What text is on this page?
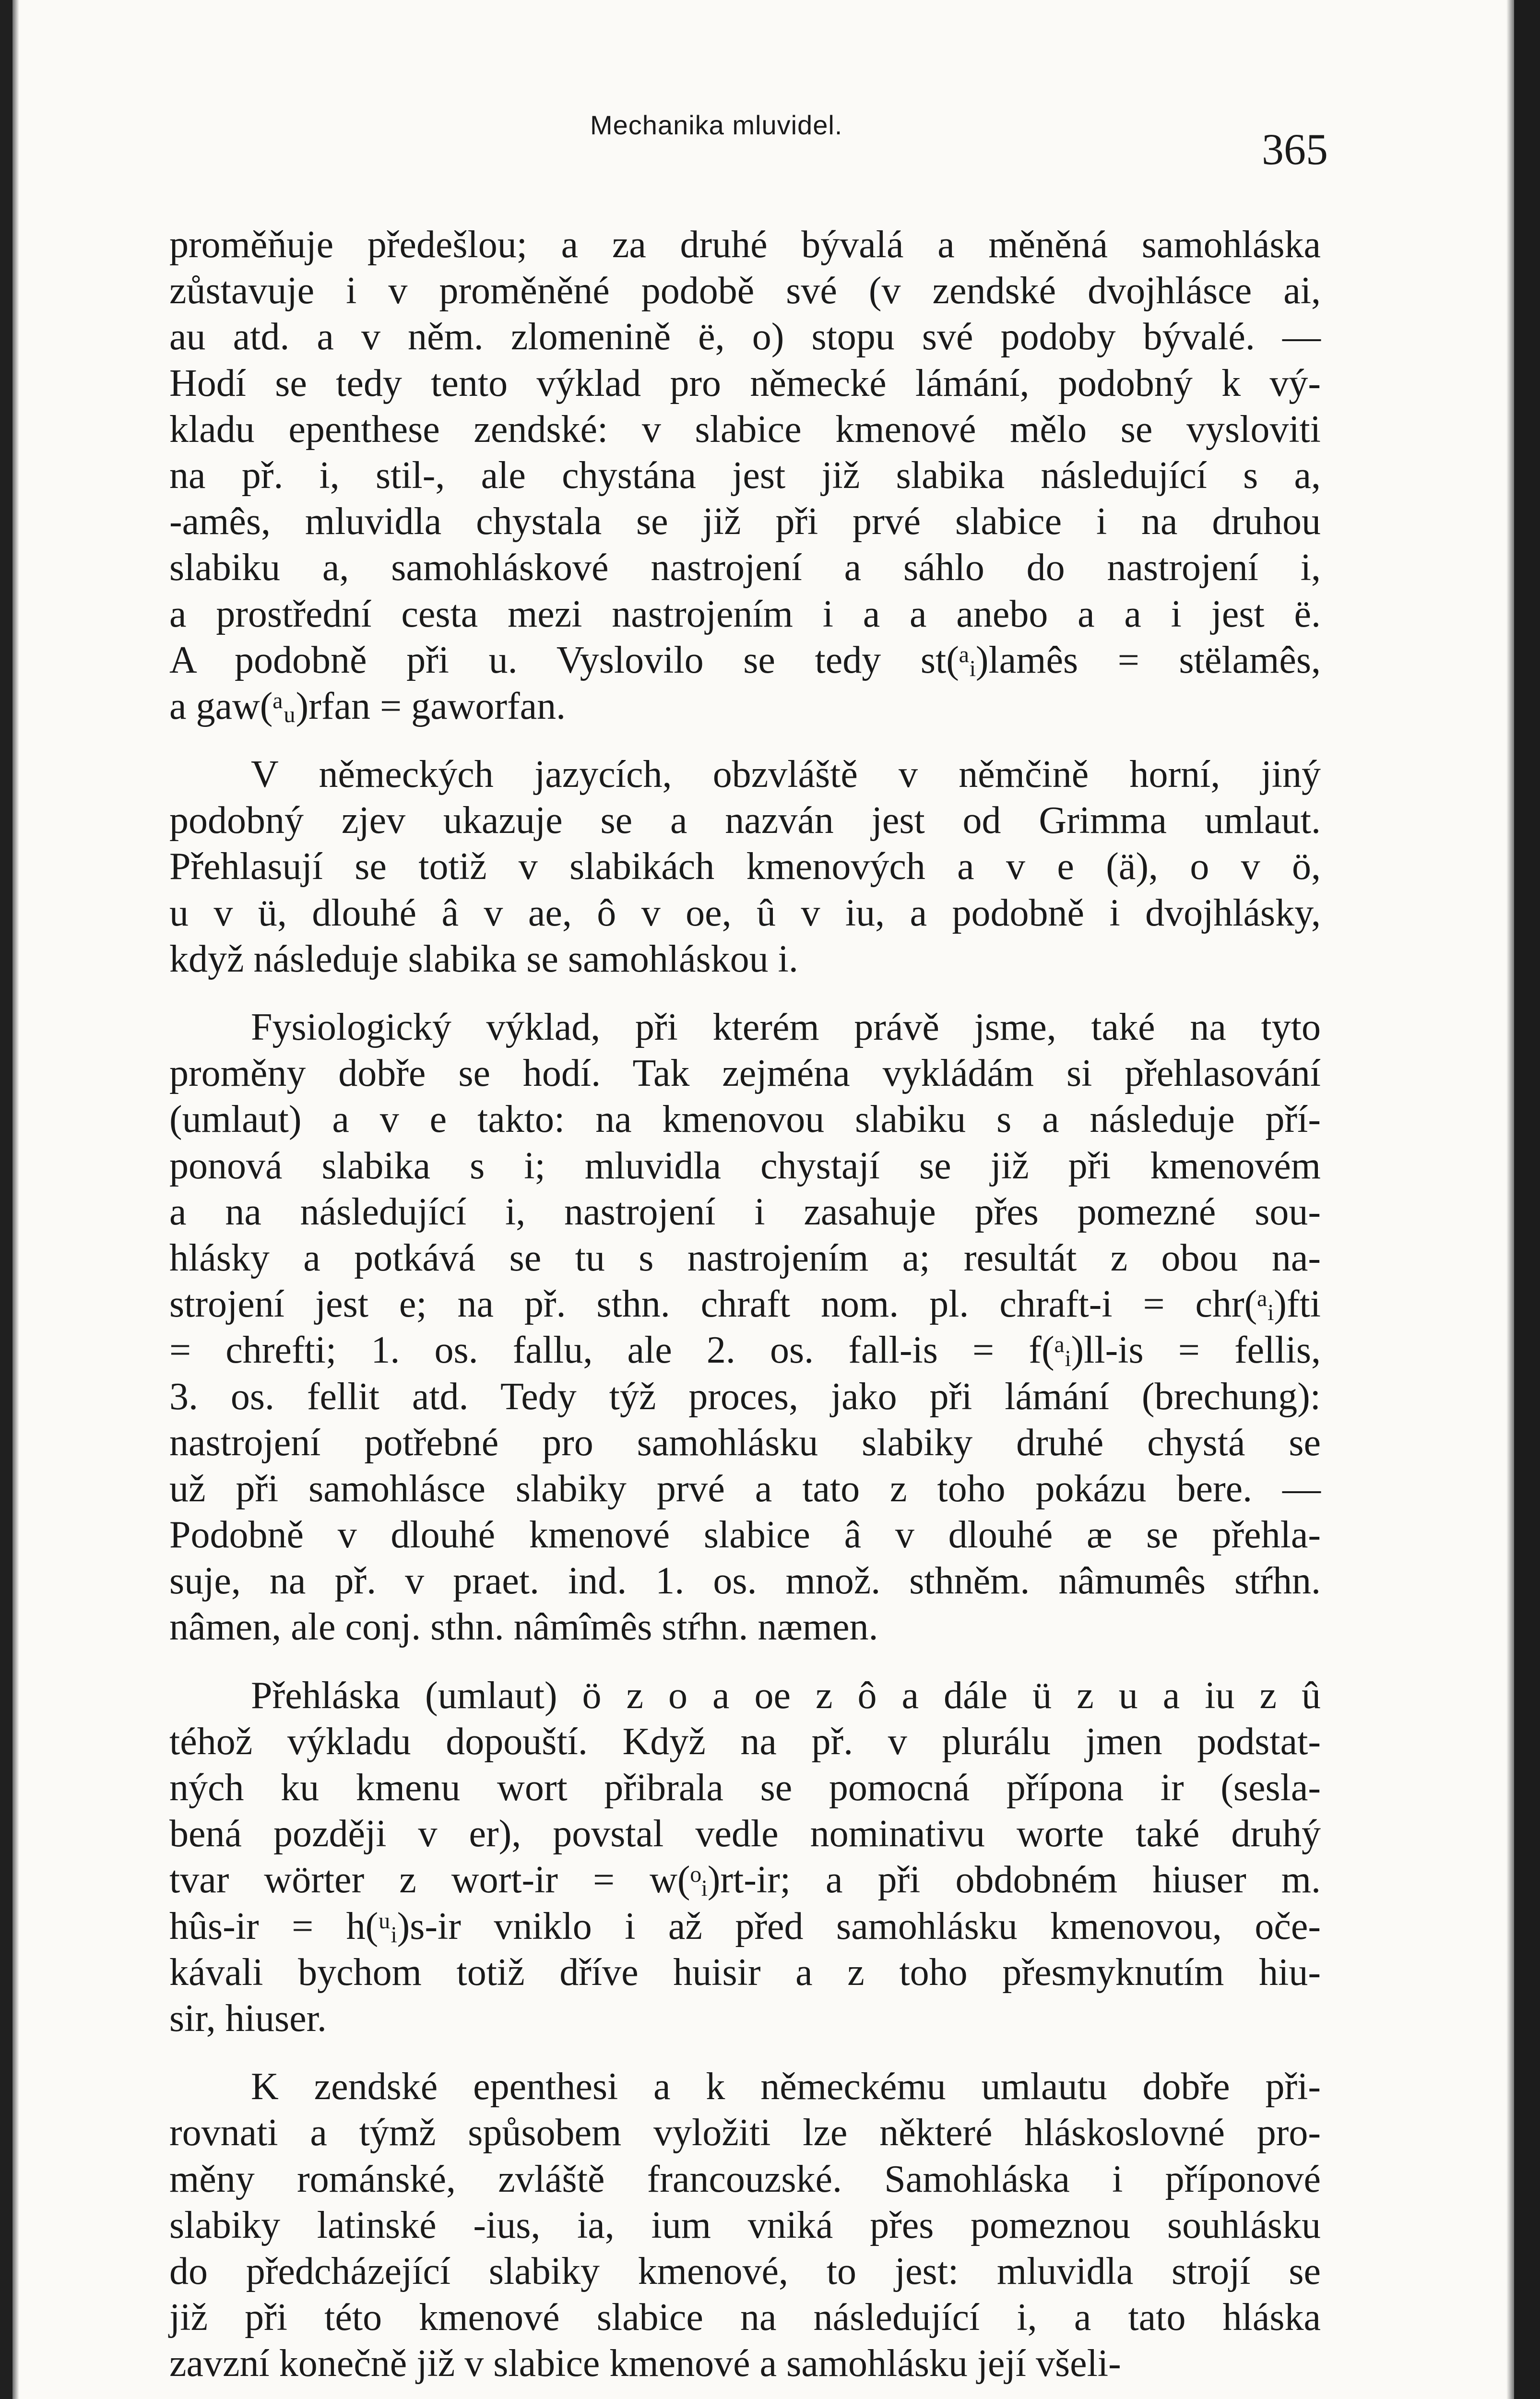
Mechanika mluvidel.	365
proměňuje předešlou; a za druhé bývalá a měněná samohláska
zůstavuje i v proměněné podobě své (v zendské dvojhlásce ai,
au atd. a v něm. zlomenině ë, o) stopu své podoby bývalé. —
Hodí se tedy tento výklad pro německé lámání, podobný k vý-
kladu epenthese zendské: v slabice kmenové mělo se vysloviti
na př. i, stil-, ale chystána jest již slabika následující s a,
-amês, mluvidla chystala se již při prvé slabice i na druhou
slabiku a, samohláskové nastrojení a sáhlo do nastrojení i,
a prostřední cesta mezi nastrojením i a a anebo a a i jest ë.
A podobně při u. Vyslovilo se tedy st(ᵃᵢ)lamês = stëlamês,
a gaw(ᵃᵤ)rfan = gaworfan.
V německých jazycích, obzvláště v němčině horní, jiný
podobný zjev ukazuje se a nazván jest od Grimma umlaut.
Přehlasují se totiž v slabikách kmenových a v e (ä), o v ö,
u v ü, dlouhé â v ae, ô v oe, û v iu, a podobně i dvojhlásky,
když následuje slabika se samohláskou i.
Fysiologický výklad, při kterém právě jsme, také na tyto
proměny dobře se hodí. Tak zejména vykládám si přehlasování
(umlaut) a v e takto: na kmenovou slabiku s a následuje pří-
ponová slabika s i; mluvidla chystají se již při kmenovém
a na následující i, nastrojení i zasahuje přes pomezné sou-
hlásky a potkává se tu s nastrojením a; resultát z obou na-
strojení jest e; na př. sthn. chraft nom. pl. chraft-i = chr(ᵃᵢ)fti
= chrefti; 1. os. fallu, ale 2. os. fall-is = f(ᵃᵢ)ll-is = fellis,
3. os. fellit atd. Tedy týž proces, jako při lámání (brechung):
nastrojení potřebné pro samohlásku slabiky druhé chystá se
už při samohlásce slabiky prvé a tato z toho pokázu bere. —
Podobně v dlouhé kmenové slabice â v dlouhé æ se přehla-
suje, na př. v praet. ind. 1. os. množ. sthněm. nâmumês stŕhn.
nâmen, ale conj. sthn. nâmîmês stŕhn. næmen.
Přehláska (umlaut) ö z o a oe z ô a dále ü z u a iu z û
téhož výkladu dopouští. Když na př. v plurálu jmen podstat-
ných ku kmenu wort přibrala se pomocná přípona ir (sesla-
bená později v er), povstal vedle nominativu worte také druhý
tvar wörter z wort-ir = w(ᵒᵢ)rt-ir; a při obdobném hiuser m.
hûs-ir = h(ᵘᵢ)s-ir vniklo i až před samohlásku kmenovou, oče-
kávali bychom totiž dříve huisir a z toho přesmyknutím hiu-
sir, hiuser.
K zendské epenthesi a k německému umlautu dobře při-
rovnati a týmž spůsobem vyložiti lze některé hláskoslovné pro-
měny románské, zvláště francouzské. Samohláska i příponové
slabiky latinské -ius, ia, ium vniká přes pomeznou souhlásku
do předcházející slabiky kmenové, to jest: mluvidla strojí se
již při této kmenové slabice na následující i, a tato hláska
zavzní konečně již v slabice kmenové a samohlásku její všeli-
